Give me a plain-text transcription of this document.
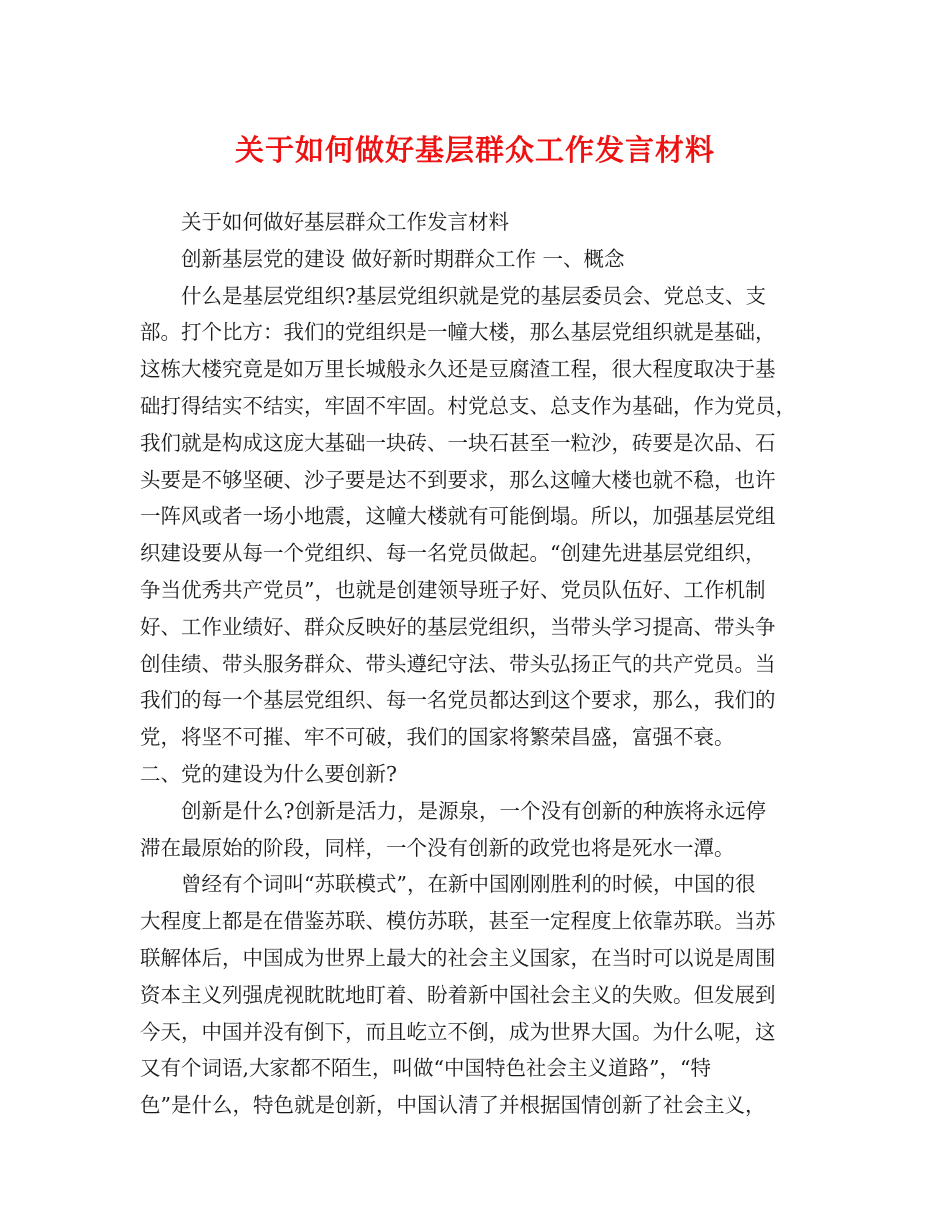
关于如何做好基层群众工作发言材料
关于如何做好基层群众工作发言材料
创新基层党的建设 做好新时期群众工作 一、概念
什么是基层党组织?基层党组织就是党的基层委员会、党总支、支
部。打个比方：我们的党组织是一幢大楼，那么基层党组织就是基础，
这栋大楼究竟是如万里长城般永久还是豆腐渣工程，很大程度取决于基
础打得结实不结实，牢固不牢固。村党总支、总支作为基础，作为党员，
我们就是构成这庞大基础一块砖、一块石甚至一粒沙，砖要是次品、石
头要是不够坚硬、沙子要是达不到要求，那么这幢大楼也就不稳，也许
一阵风或者一场小地震，这幢大楼就有可能倒塌。所以，加强基层党组
织建设要从每一个党组织、每一名党员做起。“创建先进基层党组织，
争当优秀共产党员”，也就是创建领导班子好、党员队伍好、工作机制
好、工作业绩好、群众反映好的基层党组织，当带头学习提高、带头争
创佳绩、带头服务群众、带头遵纪守法、带头弘扬正气的共产党员。当
我们的每一个基层党组织、每一名党员都达到这个要求，那么，我们的
党，将坚不可摧、牢不可破，我们的国家将繁荣昌盛，富强不衰。
二、党的建设为什么要创新?
创新是什么?创新是活力，是源泉，一个没有创新的种族将永远停
滞在最原始的阶段，同样，一个没有创新的政党也将是死水一潭。
曾经有个词叫“苏联模式”，在新中国刚刚胜利的时候，中国的很
大程度上都是在借鉴苏联、模仿苏联，甚至一定程度上依靠苏联。当苏
联解体后，中国成为世界上最大的社会主义国家，在当时可以说是周围
资本主义列强虎视眈眈地盯着、盼着新中国社会主义的失败。但发展到
今天，中国并没有倒下，而且屹立不倒，成为世界大国。为什么呢，这
又有个词语,大家都不陌生，叫做“中国特色社会主义道路”，“特
色”是什么，特色就是创新，中国认清了并根据国情创新了社会主义，
